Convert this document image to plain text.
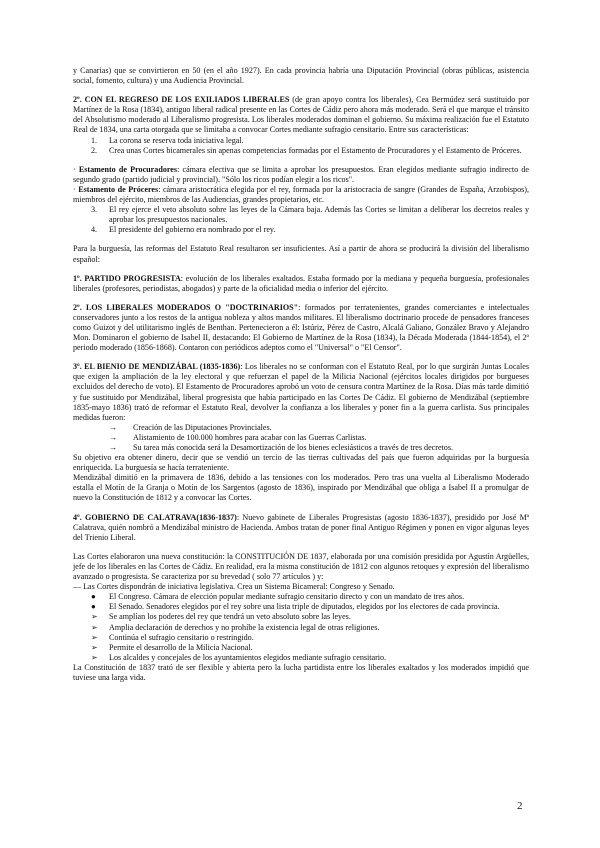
y Canarias) que se convirtieron en 50 (en el año 1927). En cada provincia habría una Diputación Provincial (obras públicas, asistencia social, fomento, cultura) y una Audiencia Provincial.

2º. CON EL REGRESO DE LOS EXILIADOS LIBERALES (de gran apoyo contra los liberales), Cea Bermúdez será sustituido por Martínez de la Rosa (1834), antiguo liberal radical presente en las Cortes de Cádiz pero ahora más moderado. Será el que marque el tránsito del Absolutismo moderado al Liberalismo progresista. Los liberales moderados dominan el gobierno. Su máxima realización fue el Estatuto Real de 1834, una carta otorgada que se limitaba a convocar Cortes mediante sufragio censitario. Entre sus características:

1. La corona se reserva toda iniciativa legal.
2. Crea unas Cortes bicamerales sin apenas competencias formadas por el Estamento de Procuradores y el Estamento de Próceres.

· Estamento de Procuradores: cámara electiva que se limita a aprobar los presupuestos. Eran elegidos mediante sufragio indirecto de segundo grado (partido judicial y provincial). "Sólo los ricos podían elegir a los ricos".

· Estamento de Próceres: cámara aristocrática elegida por el rey, formada por la aristocracia de sangre (Grandes de España, Arzobispos), miembros del ejército, miembros de las Audiencias, grandes propietarios, etc.

3. El rey ejerce el veto absoluto sobre las leyes de la Cámara baja. Además las Cortes se limitan a deliberar los decretos reales y aprobar los presupuestos nacionales.
4. El presidente del gobierno era nombrado por el rey.

Para la burguesía, las reformas del Estatuto Real resultaron ser insuficientes. Así a partir de ahora se producirá la división del liberalismo español:

1º. PARTIDO PROGRESISTA: evolución de los liberales exaltados. Estaba formado por la mediana y pequeña burguesía, profesionales liberales (profesores, periodistas, abogados) y parte de la oficialidad media o inferior del ejército.

2º. LOS LIBERALES MODERADOS O "DOCTRINARIOS": formados por terratenientes, grandes comerciantes e intelectuales conservadores junto a los restos de la antigua nobleza y altos mandos militares. El liberalismo doctrinario procede de pensadores franceses como Guizot y del utilitarismo inglés de Benthan. Pertenecieron a él: Istúriz, Pérez de Castro, Alcalá Galiano, González Bravo y Alejandro Mon. Dominaron el gobierno de Isabel II, destacando: El Gobierno de Martínez de la Rosa (1834), la Década Moderada (1844-1854), el 2º periodo moderado (1856-1868). Contaron con periódicos adeptos como el "Universal" o "El Censor".

3º. EL BIENIO DE MENDIZÁBAL (1835-1836): Los liberales no se conforman con el Estatuto Real, por lo que surgirán Juntas Locales que exigen la ampliación de la ley electoral y que refuerzan el papel de la Milicia Nacional (ejércitos locales dirigidos por burgueses excluidos del derecho de voto). El Estamento de Procuradores aprobó un voto de censura contra Martínez de la Rosa. Días más tarde dimitió y fue sustituido por Mendizábal, liberal progresista que había participado en las Cortes De Cádiz. El gobierno de Mendizábal (septiembre 1835-mayo 1836) trató de reformar el Estatuto Real, devolver la confianza a los liberales y poner fin a la guerra carlista. Sus principales medidas fueron:

→ Creación de las Diputaciones Provinciales.
→ Alistamiento de 100.000 hombres para acabar con las Guerras Carlistas.
→ Su tarea más conocida será la Desamortización de los bienes eclesiásticos a través de tres decretos.

Su objetivo era obtener dinero, decir que se vendió un tercio de las tierras cultivadas del país que fueron adquiridas por la burguesía enriquecida. La burguesía se hacía terrateniente.

Mendizábal dimitió en la primavera de 1836, debido a las tensiones con los moderados. Pero tras una vuelta al Liberalismo Moderado estalla el Motín de la Granja o Motín de los Sargentos (agosto de 1836), inspirado por Mendizábal que obliga a Isabel II a promulgar de nuevo la Constitución de 1812 y a convocar las Cortes.

4º. GOBIERNO DE CALATRAVA(1836-1837): Nuevo gabinete de Liberales Progresistas (agosto 1836-1837), presidido por José Mª Calatrava, quién nombró a Mendizábal ministro de Hacienda. Ambos tratan de poner final Antiguo Régimen y ponen en vigor algunas leyes del Trienio Liberal.

Las Cortes elaboraron una nueva constitución: la CONSTITUCIÓN DE 1837, elaborada por una comisión presidida por Agustín Argüelles, jefe de los liberales en las Cortes de Cádiz. En realidad, era la misma constitución de 1812 con algunos retoques y expresión del liberalismo avanzado o progresista. Se caracteriza por su brevedad ( solo 77 artículos ) y:

— Las Cortes dispondrán de iniciativa legislativa. Crea un Sistema Bicameral: Congreso y Senado.

● El Congreso. Cámara de elección popular mediante sufragio censitario directo y con un mandato de tres años.
● El Senado. Senadores elegidos por el rey sobre una lista triple de diputados, elegidos por los electores de cada provincia.
➢ Se amplían los poderes del rey que tendrá un veto absoluto sobre las leyes.
➢ Amplia declaración de derechos y no prohíbe la existencia legal de otras religiones.
➢ Continúa el sufragio censitario o restringido.
➢ Permite el desarrollo de la Milicia Nacional.
➢ Los alcaldes y concejales de los ayuntamientos elegidos mediante sufragio censitario.

La Constitución de 1837 trató de ser flexible y abierta pero la lucha partidista entre los liberales exaltados y los moderados impidió que tuviese una larga vida.

2
